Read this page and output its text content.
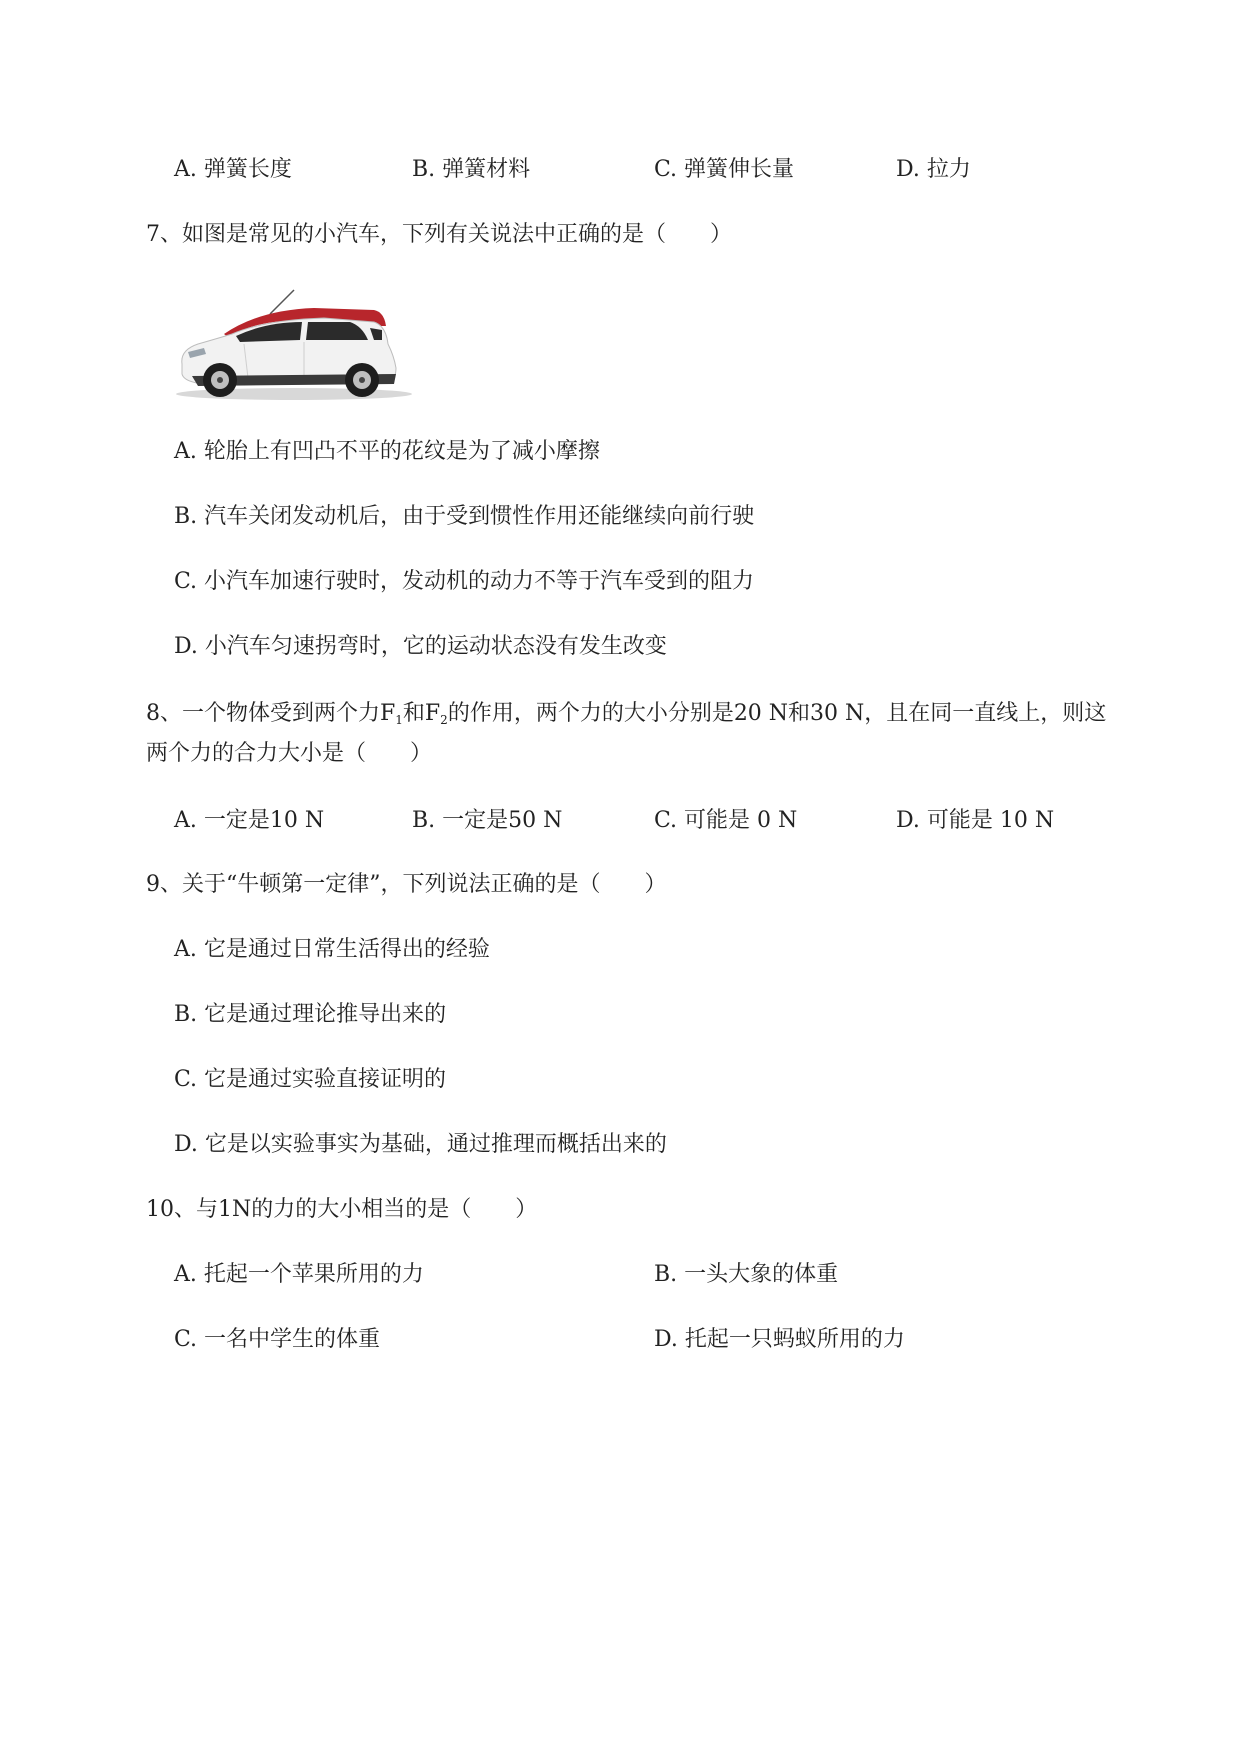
A. 弹簧长度	B. 弹簧材料	C. 弹簧伸长量	D. 拉力
7、如图是常见的小汽车，下列有关说法中正确的是（　　）
A. 轮胎上有凹凸不平的花纹是为了减小摩擦
B. 汽车关闭发动机后，由于受到惯性作用还能继续向前行驶
C. 小汽车加速行驶时，发动机的动力不等于汽车受到的阻力
D. 小汽车匀速拐弯时，它的运动状态没有发生改变
8、一个物体受到两个力$F_1$和$F_2$的作用，两个力的大小分别是20 N和30 N，且在同一直线上，则这
两个力的合力大小是（　　）
A. 一定是10 N	B. 一定是50 N	C. 可能是 0 N	D. 可能是 10 N
9、关于“牛顿第一定律”，下列说法正确的是（　　）
A. 它是通过日常生活得出的经验
B. 它是通过理论推导出来的
C. 它是通过实验直接证明的
D. 它是以实验事实为基础，通过推理而概括出来的
10、与1N的力的大小相当的是（　　）
A. 托起一个苹果所用的力	B. 一头大象的体重
C. 一名中学生的体重	D. 托起一只蚂蚁所用的力
